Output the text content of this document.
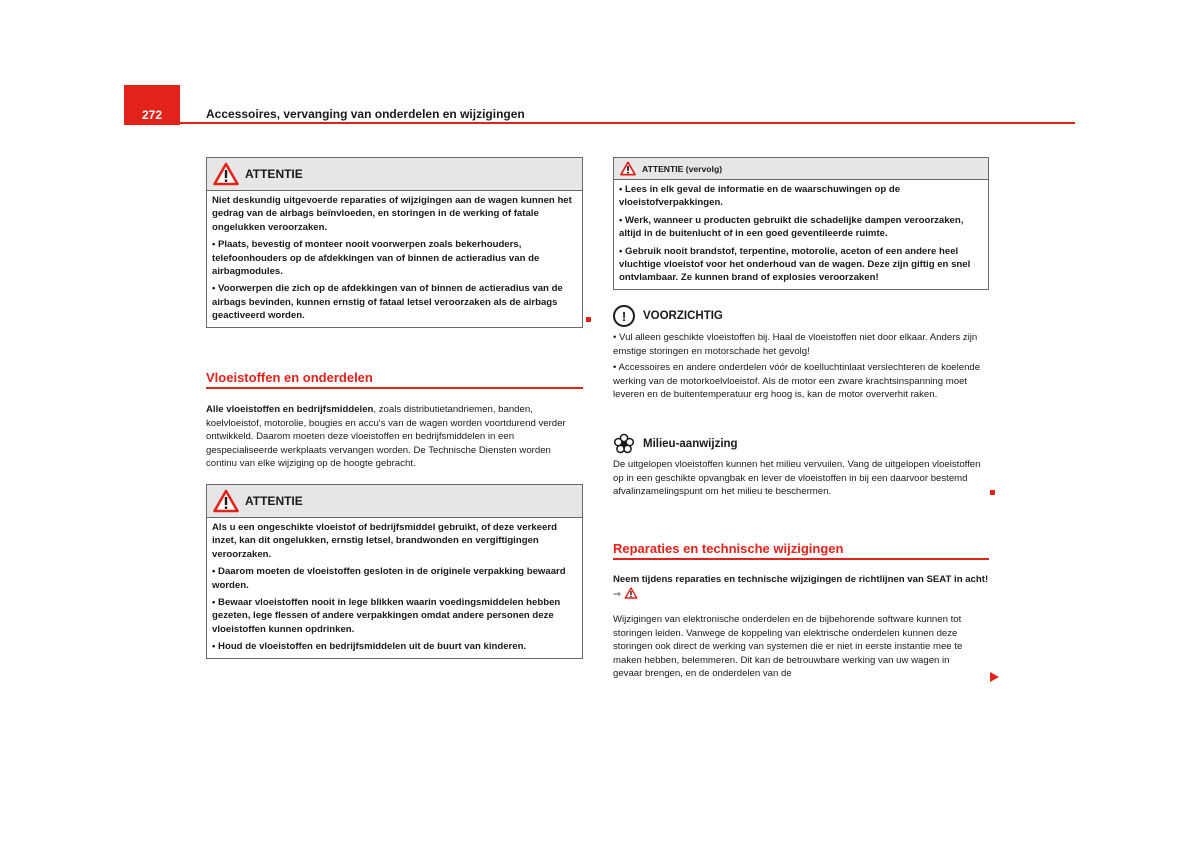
272	Accessoires, vervanging van onderdelen en wijzigingen
ATTENTIE

Niet deskundig uitgevoerde reparaties of wijzigingen aan de wagen kunnen het gedrag van de airbags beïnvloeden, en storingen in de werking of fatale ongelukken veroorzaken.

• Plaats, bevestig of monteer nooit voorwerpen zoals bekerhouders, telefoonhouders op de afdekkingen van of binnen de actieradius van de airbagmodules.

• Voorwerpen die zich op de afdekkingen van of binnen de actieradius van de airbags bevinden, kunnen ernstig of fataal letsel veroorzaken als de airbags geactiveerd worden.

Vloeistoffen en onderdelen
Alle vloeistoffen en bedrijfsmiddelen, zoals distributietandriemen, banden, koelvloeistof, motorolie, bougies en accu's van de wagen worden voortdurend verder ontwikkeld. Daarom moeten deze vloeistoffen en bedrijfsmiddelen in een gespecialiseerde werkplaats vervangen worden. De Technische Diensten worden continu van elke wijziging op de hoogte gebracht.
ATTENTIE

Als u een ongeschikte vloeistof of bedrijfsmiddel gebruikt, of deze verkeerd inzet, kan dit ongelukken, ernstig letsel, brandwonden en vergiftigingen veroorzaken.

• Daarom moeten de vloeistoffen gesloten in de originele verpakking bewaard worden.

• Bewaar vloeistoffen nooit in lege blikken waarin voedingsmiddelen hebben gezeten, lege flessen of andere verpakkingen omdat andere personen deze vloeistoffen kunnen opdrinken.

• Houd de vloeistoffen en bedrijfsmiddelen uit de buurt van kinderen.

ATTENTIE (vervolg)

• Lees in elk geval de informatie en de waarschuwingen op de vloeistofverpakkingen.

• Werk, wanneer u producten gebruikt die schadelijke dampen veroorzaken, altijd in de buitenlucht of in een goed geventileerde ruimte.

• Gebruik nooit brandstof, terpentine, motorolie, aceton of een andere heel vluchtige vloeistof voor het onderhoud van de wagen. Deze zijn giftig en snel ontvlambaar. Ze kunnen brand of explosies veroorzaken!

!	VOORZICHTIG
• Vul alleen geschikte vloeistoffen bij. Haal de vloeistoffen niet door elkaar. Anders zijn emstige storingen en motorschade het gevolg!
• Accessoires en andere onderdelen vóór de koelluchtinlaat verslechteren de koelende werking van de motorkoelvloeistof. Als de motor een zware krachtsinspanning moet leveren en de buitentemperatuur erg hoog is, kan de motor oververhit raken.
Milieu-aanwijzing
De uitgelopen vloeistoffen kunnen het milieu vervuilen. Vang de uitgelopen vloeistoffen op in een geschikte opvangbak en lever de vloeistoffen in bij een daarvoor bestemd afvalinzamelingspunt om het milieu te beschermen.
Reparaties en technische wijzigingen
Neem tijdens reparaties en technische wijzigingen de richtlijnen van SEAT in acht! ⇒
Wijzigingen van elektronische onderdelen en de bijbehorende software kunnen tot storingen leiden. Vanwege de koppeling van elektrische onderdelen kunnen deze storingen ook direct de werking van systemen die er niet in eerste instantie mee te maken hebben, belemmeren. Dit kan de betrouwbare werking van uw wagen in gevaar brengen, en de onderdelen van de
